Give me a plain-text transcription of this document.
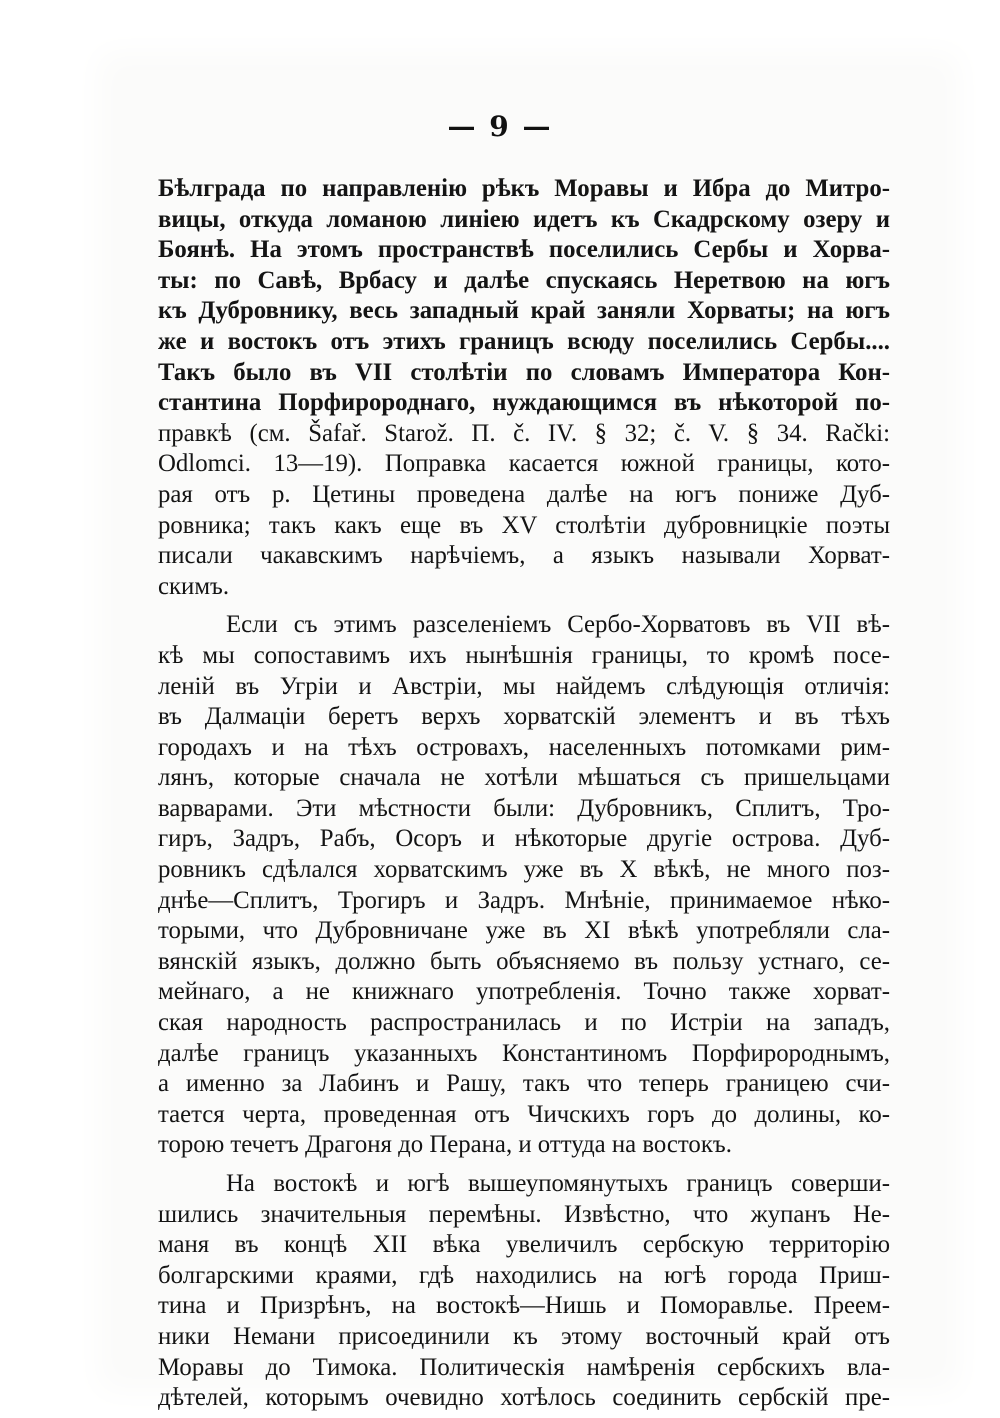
— 9 —
Бѣлграда по направленію рѣкъ Моравы и Ибра до Митро-
вицы, откуда ломаною линіею идетъ къ Скадрскому озеру и
Боянѣ. На этомъ пространствѣ поселились Сербы и Хорва-
ты: по Савѣ, Врбасу и далѣе спускаясь Неретвою на югъ
къ Дубровнику, весь западный край заняли Хорваты; на югъ
же и востокъ отъ этихъ границъ всюду поселились Сербы....
Такъ было въ VII столѣтіи по словамъ Императора Кон-
стантина Порфиророднаго, нуждающимся въ нѣкоторой по-
правкѣ (см. Šafař. Starož. П. č. IV. § 32; č. V. § 34. Rački:
Odlomci. 13—19). Поправка касается южной границы, кото-
рая отъ р. Цетины проведена далѣе на югъ пониже Дуб-
ровника; такъ какъ еще въ XV столѣтіи дубровницкіе поэты
писали чакавскимъ нарѣчіемъ, а языкъ называли Хорват-
скимъ.
Если съ этимъ разселеніемъ Сербо-Хорватовъ въ VII вѣ-
кѣ мы сопоставимъ ихъ нынѣшнія границы, то кромѣ посе-
леній въ Угріи и Австріи, мы найдемъ слѣдующія отличія:
въ Далмаціи беретъ верхъ хорватскій элементъ и въ тѣхъ
городахъ и на тѣхъ островахъ, населенныхъ потомками рим-
лянъ, которые сначала не хотѣли мѣшаться съ пришельцами
варварами. Эти мѣстности были: Дубровникъ, Сплитъ, Тро-
гиръ, Задръ, Рабъ, Осоръ и нѣкоторые другіе острова. Дуб-
ровникъ сдѣлался хорватскимъ уже въ X вѣкѣ, не много поз-
днѣе—Сплитъ, Трогиръ и Задръ. Мнѣніе, принимаемое нѣко-
торыми, что Дубровничане уже въ XI вѣкѣ употребляли сла-
вянскій языкъ, должно быть объясняемо въ пользу устнаго, се-
мейнаго, а не книжнаго употребленія. Точно также хорват-
ская народность распространилась и по Истріи на западъ,
далѣе границъ указанныхъ Константиномъ Порфиророднымъ,
а именно за Лабинъ и Рашу, такъ что теперь границею счи-
тается черта, проведенная отъ Чичскихъ горъ до долины, ко-
торою течетъ Драгоня до Перана, и оттуда на востокъ.
На востокѣ и югѣ вышеупомянутыхъ границъ соверши-
шились значительныя перемѣны. Извѣстно, что жупанъ Не-
маня въ концѣ XII вѣка увеличилъ сербскую территорію
болгарскими краями, гдѣ находились на югѣ города Приш-
тина и Призрѣнъ, на востокѣ—Нишь и Поморавлье. Преем-
ники Немани присоединили къ этому восточный край отъ
Моравы до Тимока. Политическія намѣренія сербскихъ вла-
дѣтелей, которымъ очевидно хотѣлось соединить сербскій пре-
